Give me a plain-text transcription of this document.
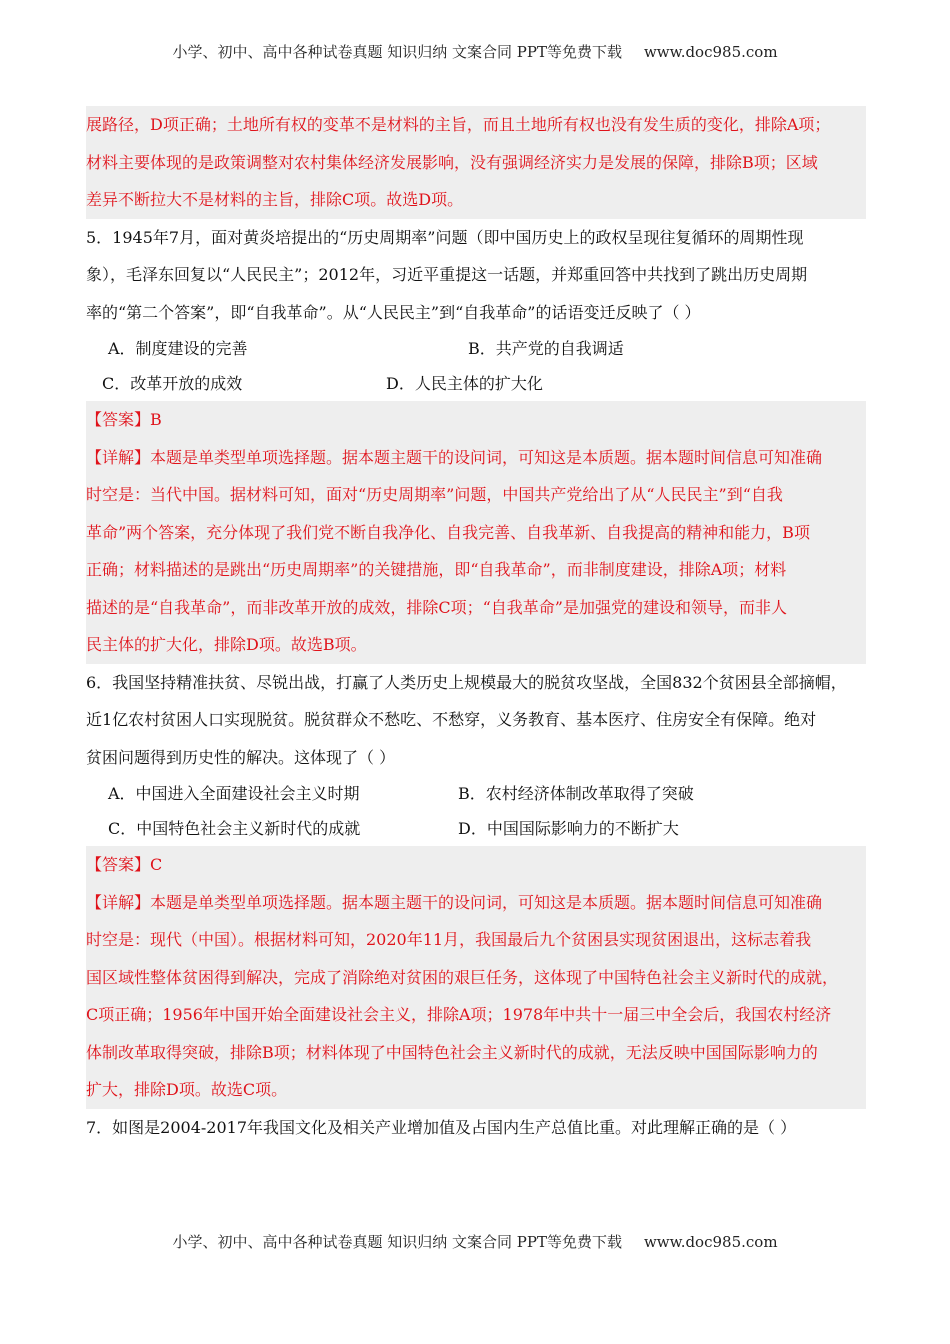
小学、初中、高中各种试卷真题 知识归纳 文案合同 PPT等免费下载 www.doc985.com

展路径，D项正确；土地所有权的变革不是材料的主旨，而且土地所有权也没有发生质的变化，排除A项；

材料主要体现的是政策调整对农村集体经济发展影响，没有强调经济实力是发展的保障，排除B项；区域

差异不断拉大不是材料的主旨，排除C项。故选D项。

5．1945年7月，面对黄炎培提出的“历史周期率”问题（即中国历史上的政权呈现往复循环的周期性现

象），毛泽东回复以“人民民主”；2012年，习近平重提这一话题，并郑重回答中共找到了跳出历史周期

率的“第二个答案”，即“自我革命”。从“人民民主”到“自我革命”的话语变迁反映了（ ）

A．制度建设的完善	B．共产党的自我调适
C．改革开放的成效	D．人民主体的扩大化

【答案】B

【详解】本题是单类型单项选择题。据本题主题干的设问词，可知这是本质题。据本题时间信息可知准确

时空是：当代中国。据材料可知，面对“历史周期率”问题，中国共产党给出了从“人民民主”到“自我

革命”两个答案，充分体现了我们党不断自我净化、自我完善、自我革新、自我提高的精神和能力，B项

正确；材料描述的是跳出“历史周期率”的关键措施，即“自我革命”，而非制度建设，排除A项；材料

描述的是“自我革命”，而非改革开放的成效，排除C项；“自我革命”是加强党的建设和领导，而非人

民主体的扩大化，排除D项。故选B项。

6．我国坚持精准扶贫、尽锐出战，打赢了人类历史上规模最大的脱贫攻坚战，全国832个贫困县全部摘帽，

近1亿农村贫困人口实现脱贫。脱贫群众不愁吃、不愁穿，义务教育、基本医疗、住房安全有保障。绝对

贫困问题得到历史性的解决。这体现了（ ）

A．中国进入全面建设社会主义时期	B．农村经济体制改革取得了突破
C．中国特色社会主义新时代的成就	D．中国国际影响力的不断扩大

【答案】C

【详解】本题是单类型单项选择题。据本题主题干的设问词，可知这是本质题。据本题时间信息可知准确

时空是：现代（中国）。根据材料可知，2020年11月，我国最后九个贫困县实现贫困退出，这标志着我

国区域性整体贫困得到解决，完成了消除绝对贫困的艰巨任务，这体现了中国特色社会主义新时代的成就，

C项正确；1956年中国开始全面建设社会主义，排除A项；1978年中共十一届三中全会后，我国农村经济

体制改革取得突破，排除B项；材料体现了中国特色社会主义新时代的成就，无法反映中国国际影响力的

扩大，排除D项。故选C项。

7．如图是2004-2017年我国文化及相关产业增加值及占国内生产总值比重。对此理解正确的是（ ）

小学、初中、高中各种试卷真题 知识归纳 文案合同 PPT等免费下载 www.doc985.com
